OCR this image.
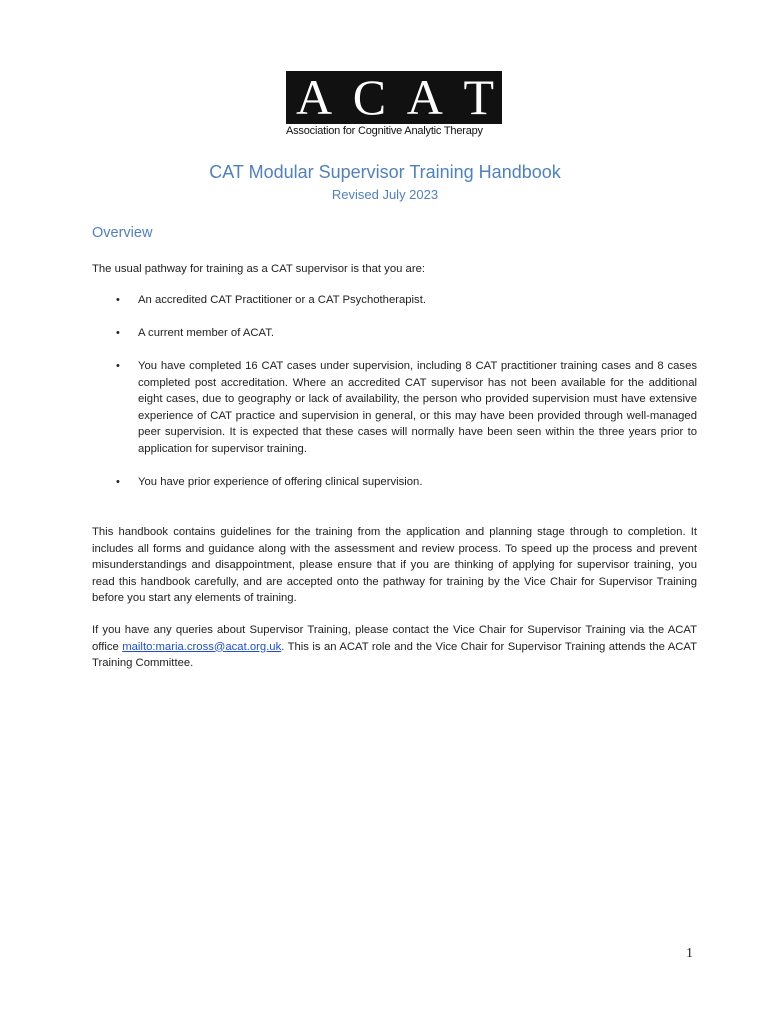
A C A T
Association for Cognitive Analytic Therapy
CAT Modular Supervisor Training Handbook

Revised July 2023

Overview

The usual pathway for training as a CAT supervisor is that you are:

• An accredited CAT Practitioner or a CAT Psychotherapist.
• A current member of ACAT.
• You have completed 16 CAT cases under supervision, including 8 CAT practitioner training cases and 8 cases completed post accreditation. Where an accredited CAT supervisor has not been available for the additional eight cases, due to geography or lack of availability, the person who provided supervision must have extensive experience of CAT practice and supervision in general, or this may have been provided through well-managed peer supervision. It is expected that these cases will normally have been seen within the three years prior to application for supervisor training.
• You have prior experience of offering clinical supervision.

This handbook contains guidelines for the training from the application and planning stage through to completion. It includes all forms and guidance along with the assessment and review process. To speed up the process and prevent misunderstandings and disappointment, please ensure that if you are thinking of applying for supervisor training, you read this handbook carefully, and are accepted onto the pathway for training by the Vice Chair for Supervisor Training before you start any elements of training.

If you have any queries about Supervisor Training, please contact the Vice Chair for Supervisor Training via the ACAT office mailto:maria.cross@acat.org.uk. This is an ACAT role and the Vice Chair for Supervisor Training attends the ACAT Training Committee.

1
